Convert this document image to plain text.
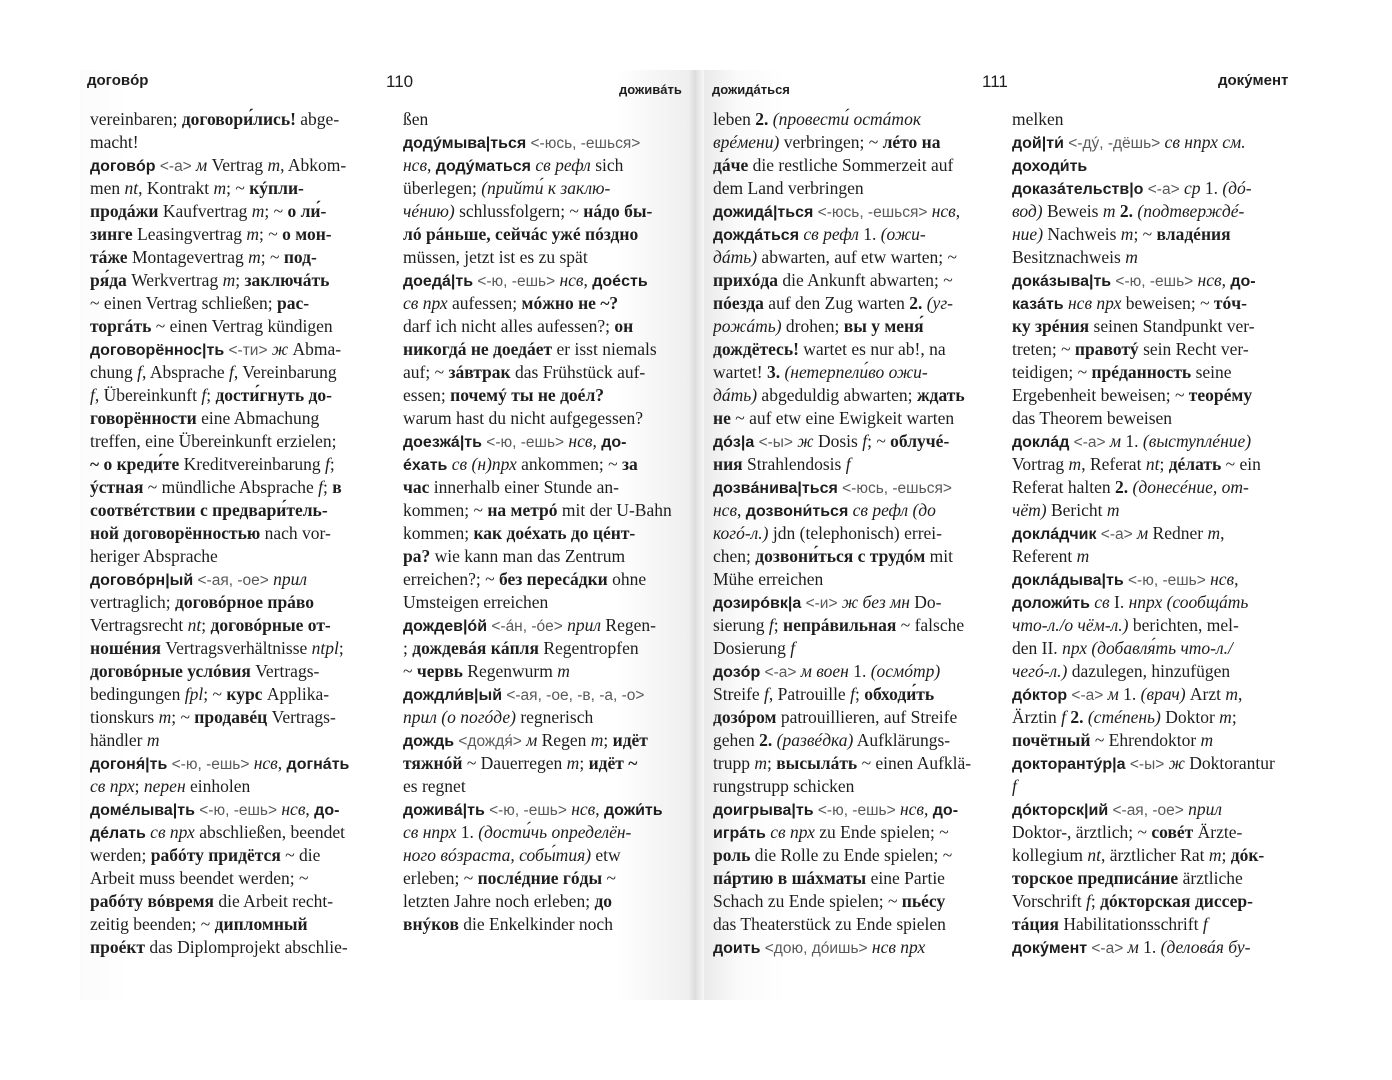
договóр	110	доживáть дожидáться	111	доку́мент
vereinbaren; договори́лись! abge-
macht!
договóр <-а> м Vertrag m, Abkom-
men nt, Kontrakt m; ~ кýпли-
продáжи Kaufvertrag m; ~ о ли́-
зинге Leasingvertrag m; ~ о мон-
тáже Montagevertrag m; ~ под-
ря́да Werkvertrag m; заключáть
~ einen Vertrag schließen; рас-
торгáть ~ einen Vertrag kündigen
договорённос|ть <-ти> ж Abma-
chung f, Absprache f, Vereinbarung
f, Übereinkunft f; дости́гнуть до-
говорённости eine Abmachung
treffen, eine Übereinkunft erzielen;
~ о креди́те Kreditvereinbarung f;
ýстная ~ mündliche Absprache f; в
соотвéтствии с предвари́тель-
ной договорённостью nach vor-
heriger Absprache
договóрн|ый <-ая, -ое> прил
vertraglich; договóрное прáво
Vertragsrecht nt; договóрные от-
ношéния Vertragsverhältnisse ntpl;
договóрные услóвия Vertrags-
bedingungen fpl; ~ курс Applika-
tionskurs m; ~ продавéц Vertrags-
händler m
догоня́|ть <-ю, -ешь> нсв, догнáть
св прх; перен einholen
домéлыва|ть <-ю, -ешь> нсв, до-
дéлать св прх abschließen, beendet
werden; рабóту придётся ~ die
Arbeit muss beendet werden; ~
рабóту вóвремя die Arbeit recht-
zeitig beenden; ~ дипломный
проéкт das Diplomprojekt abschlie-
ßen
додýмыва|ться <-юсь, -ешься>
нсв, додýматься св рефл sich
überlegen; (прийти́ к заклю-
чéнию) schlussfolgern; ~ нáдо бы-
лó рáньше, сейчáс ужé пóздно
müssen, jetzt ist es zu spät
доедá|ть <-ю, -ешь> нсв, доéсть
св прх aufessen; мóжно не ~?
darf ich nicht alles aufessen?; он
никогдá не доедáет er isst niemals
auf; ~ зáвтрак das Frühstück auf-
essen; почемý ты не доéл?
warum hast du nicht aufgegessen?
доезжá|ть <-ю, -ешь> нсв, до-
éхать св (н)прх ankommen; ~ за
час innerhalb einer Stunde an-
kommen; ~ на метрó mit der U-Bahn
kommen; как доéхать до цéнт-
ра? wie kann man das Zentrum
erreichen?; ~ без пересáдки ohne
Umsteigen erreichen
дождев|óй <-áн, -óе> прил Regen-
; дождевáя кáпля Regentropfen
~ червь Regenwurm m
дождли́в|ый <-ая, -ое, -в, -а, -о>
прил (о погóде) regnerisch
дождь <дождя́> м Regen m; идёт
тяжнóй ~ Dauerregen m; идёт ~
es regnet
доживá|ть <-ю, -ешь> нсв, дожи́ть
св нпрх 1. (дости́чь определён-
ного вóзраста, собы́тия) etw
erleben; ~ послéдние гóды ~
letzten Jahre noch erleben; до
внýков die Enkelkinder noch
leben 2. (провести́ остáток
врéмени) verbringen; ~ лéто на
дáче die restliche Sommerzeit auf
dem Land verbringen
дожидá|ться <-юсь, -ешься> нсв,
дождáться св рефл 1. (ожи-
дáть) abwarten, auf etw warten; ~
прихóда die Ankunft abwarten; ~
пóезда auf den Zug warten 2. (уг-
рожáть) drohen; вы у меня́
дождётесь! wartet es nur ab!, na
wartet! 3. (нетерпели́во ожи-
дáть) abgeduldig abwarten; ждать
не ~ auf etw eine Ewigkeit warten
дóз|а <-ы> ж Dosis f; ~ облучé-
ния Strahlendosis f
дозвáнива|ться <-юсь, -ешься>
нсв, дозвони́ться св рефл (до
когó-л.) jdn (telephonisch) errei-
chen; дозвони́ться с трудóм mit
Mühe erreichen
дозирóвк|а <-и> ж без мн Do-
sierung f; непрáвильная ~ falsche
Dosierung f
дозóр <-а> м воен 1. (осмóтр)
Streife f, Patrouille f; обходи́ть
дозóром patrouillieren, auf Streife
gehen 2. (развéдка) Aufklärungs-
trupp m; высылáть ~ einen Aufklä-
rungstrupp schicken
доигрыва|ть <-ю, -ешь> нсв, до-
игрáть св прх zu Ende spielen; ~
роль die Rolle zu Ende spielen; ~
пáртию в шáхматы eine Partie
Schach zu Ende spielen; ~ пьéсу
das Theaterstück zu Ende spielen
доить <дою, дóишь> нсв прх
melken
дой|ти́ <-дý, -дёшь> св нпрх см.
доходи́ть
доказáтельств|о <-а> ср 1. (дó-
вод) Beweis m 2. (подтверждé-
ние) Nachweis m; ~ владéния
Besitznachweis m
докáзыва|ть <-ю, -ешь> нсв, до-
казáть нсв прх beweisen; ~ тóч-
ку зрéния seinen Standpunkt ver-
treten; ~ правотý sein Recht ver-
teidigen; ~ прéданность seine
Ergebenheit beweisen; ~ теорéму
das Theorem beweisen
доклáд <-а> м 1. (выступлéние)
Vortrag m, Referat nt; дéлать ~ ein
Referat halten 2. (донесéние, от-
чёт) Bericht m
доклáдчик <-а> м Redner m,
Referent m
доклáдыва|ть <-ю, -ешь> нсв,
доложи́ть св I. нпрх (сообщáть
что-л./о чём-л.) berichten, mel-
den II. прх (добавля́ть что-л./
чегó-л.) dazulegen, hinzufügen
дóктор <-а> м 1. (врач) Arzt m,
Ärztin f 2. (стéпень) Doktor m;
почётный ~ Ehrendoktor m
докторантýр|а <-ы> ж Doktorantur
f
дóкторск|ий <-ая, -ое> прил
Doktor-, ärztlich; ~ совéт Ärzte-
kollegium nt, ärztlicher Rat m; дóк-
торское предписáние ärztliche
Vorschrift f; дóкторская диссер-
тáция Habilitationsschrift f
доку́мент <-а> м 1. (деловáя бу-
